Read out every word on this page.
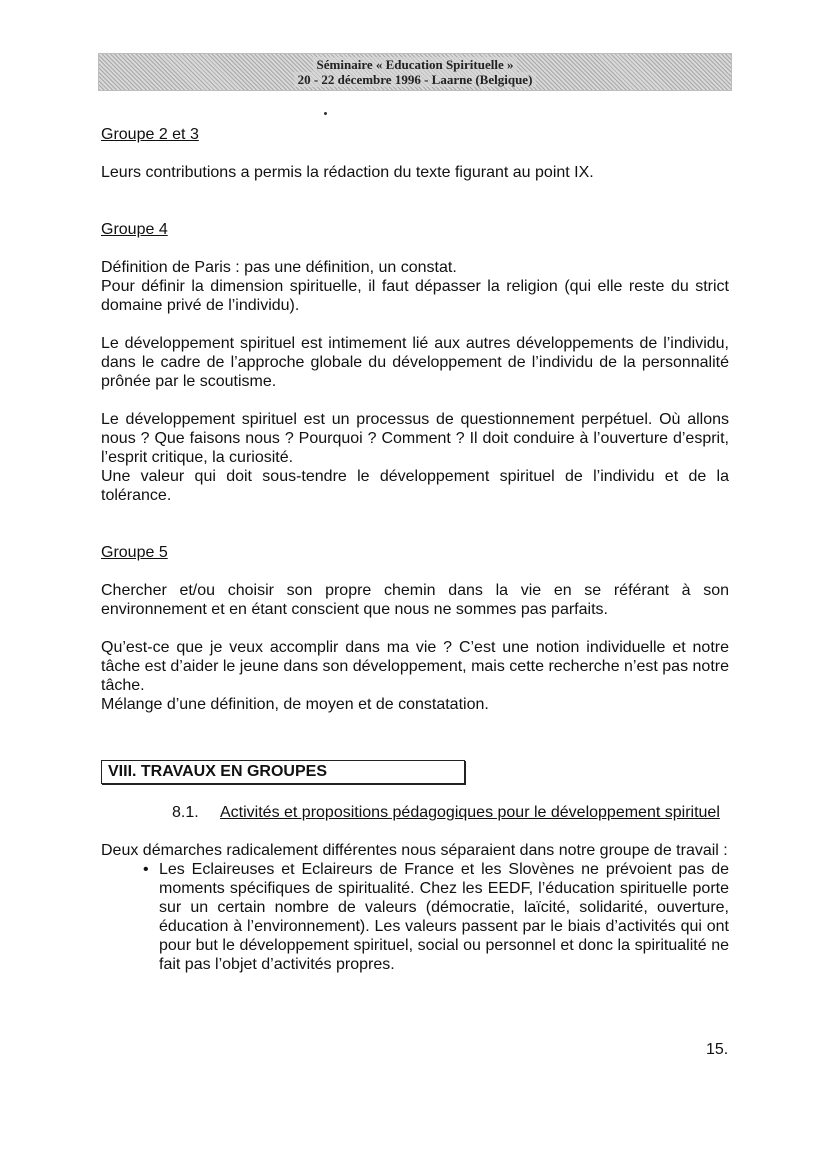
Séminaire « Education Spirituelle »
20 - 22 décembre 1996 - Laarne (Belgique)

Groupe 2 et 3

Leurs contributions a permis la rédaction du texte figurant au point IX.

Groupe 4

Définition de Paris : pas une définition, un constat.

Pour définir la dimension spirituelle, il faut dépasser la religion (qui elle reste du strict domaine privé de l’individu).

Le développement spirituel est intimement lié aux autres développements de l’individu, dans le cadre de l’approche globale du développement de l’individu de la personnalité prônée par le scoutisme.

Le développement spirituel est un processus de questionnement perpétuel. Où allons nous ? Que faisons nous ? Pourquoi ? Comment ? Il doit conduire à l’ouverture d’esprit, l’esprit critique, la curiosité.

Une valeur qui doit sous-tendre le développement spirituel de l’individu et de la tolérance.

Groupe 5

Chercher et/ou choisir son propre chemin dans la vie en se référant à son environnement et en étant conscient que nous ne sommes pas parfaits.

Qu’est-ce que je veux accomplir dans ma vie ? C’est une notion individuelle et notre tâche est d’aider le jeune dans son développement, mais cette recherche n’est pas notre tâche.

Mélange d’une définition, de moyen et de constatation.

VIII. TRAVAUX EN GROUPES
8.1.	Activités et propositions pédagogiques pour le développement spirituel

Deux démarches radicalement différentes nous séparaient dans notre groupe de travail :

• Les Eclaireuses et Eclaireurs de France et les Slovènes ne prévoient pas de moments spécifiques de spiritualité. Chez les EEDF, l’éducation spirituelle porte sur un certain nombre de valeurs (démocratie, laïcité, solidarité, ouverture, éducation à l’environnement). Les valeurs passent par le biais d’activités qui ont pour but le développement spirituel, social ou personnel et donc la spiritualité ne fait pas l’objet d’activités propres.
15.
